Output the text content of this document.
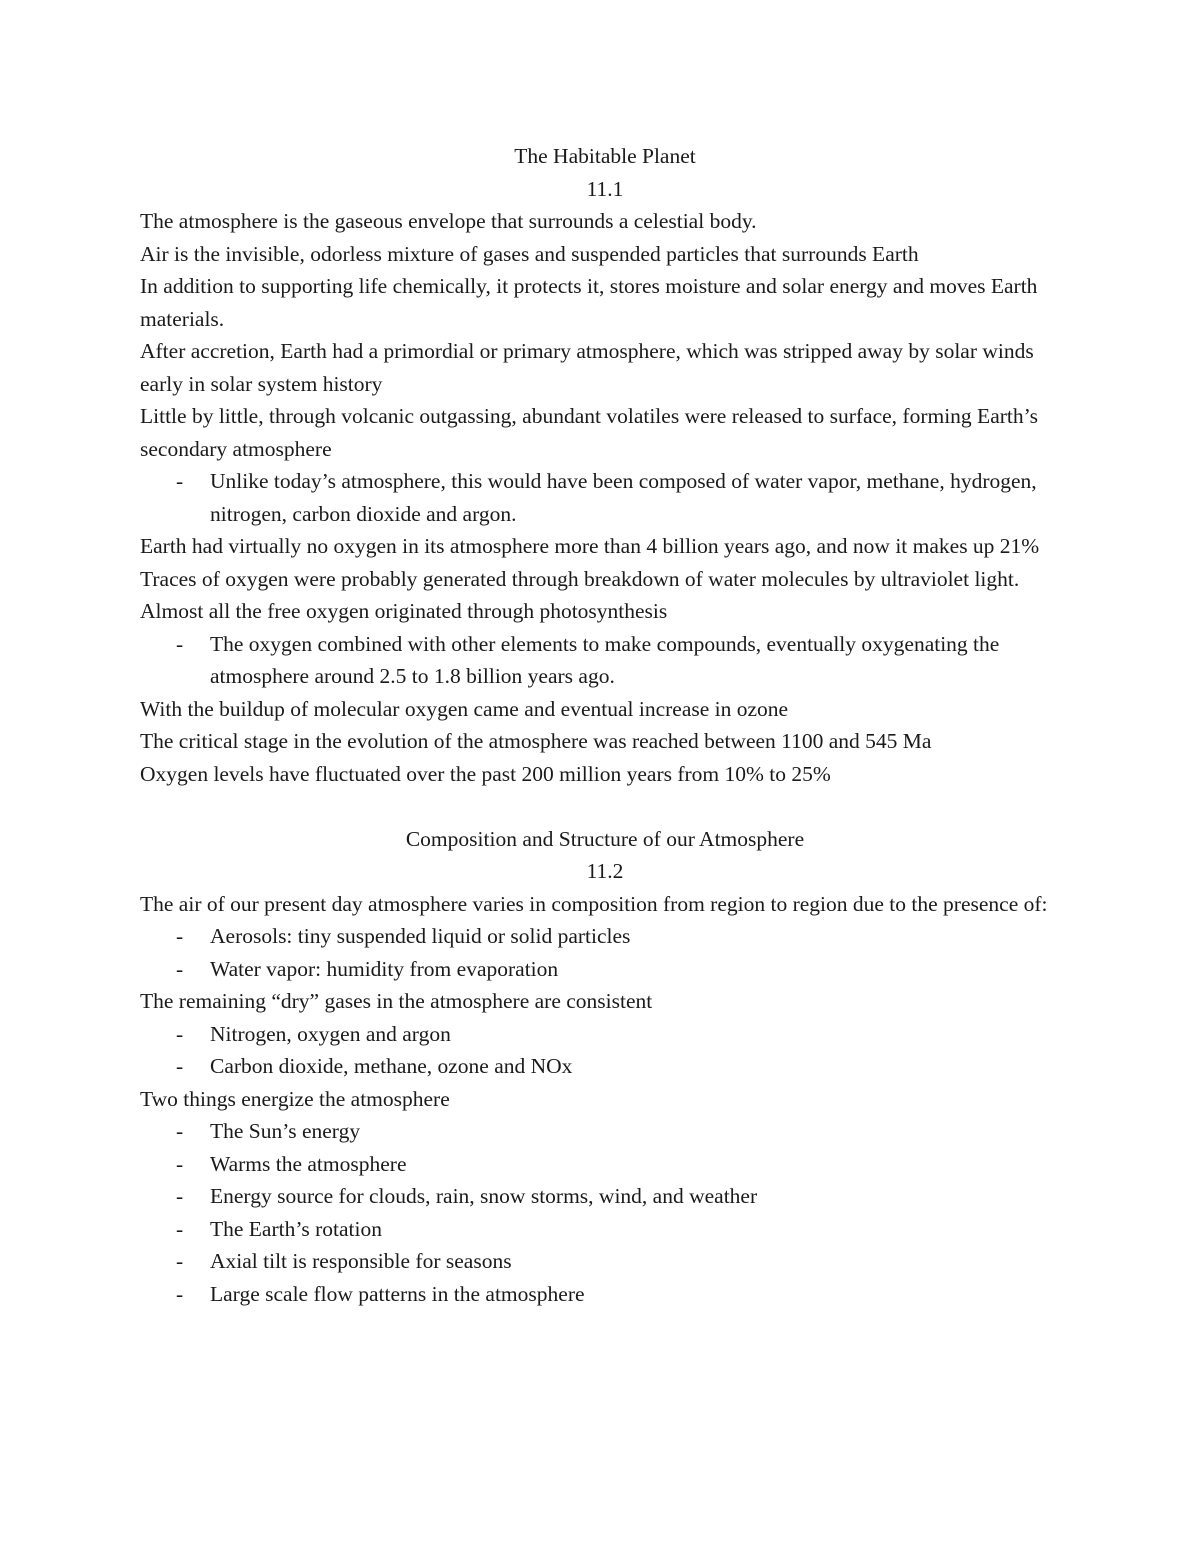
The Habitable Planet

11.1

The atmosphere is the gaseous envelope that surrounds a celestial body.

Air is the invisible, odorless mixture of gases and suspended particles that surrounds Earth

In addition to supporting life chemically, it protects it, stores moisture and solar energy and moves Earth materials.

After accretion, Earth had a primordial or primary atmosphere, which was stripped away by solar winds early in solar system history

Little by little, through volcanic outgassing, abundant volatiles were released to surface, forming Earth’s secondary atmosphere

- Unlike today’s atmosphere, this would have been composed of water vapor, methane, hydrogen, nitrogen, carbon dioxide and argon.

Earth had virtually no oxygen in its atmosphere more than 4 billion years ago, and now it makes up 21%

Traces of oxygen were probably generated through breakdown of water molecules by ultraviolet light.

Almost all the free oxygen originated through photosynthesis

- The oxygen combined with other elements to make compounds, eventually oxygenating the atmosphere around 2.5 to 1.8 billion years ago.

With the buildup of molecular oxygen came and eventual increase in ozone

The critical stage in the evolution of the atmosphere was reached between 1100 and 545 Ma

Oxygen levels have fluctuated over the past 200 million years from 10% to 25%

Composition and Structure of our Atmosphere

11.2

The air of our present day atmosphere varies in composition from region to region due to the presence of:

- Aerosols: tiny suspended liquid or solid particles
- Water vapor: humidity from evaporation

The remaining “dry” gases in the atmosphere are consistent

- Nitrogen, oxygen and argon
- Carbon dioxide, methane, ozone and NOx

Two things energize the atmosphere

- The Sun’s energy
- Warms the atmosphere
- Energy source for clouds, rain, snow storms, wind, and weather
- The Earth’s rotation
- Axial tilt is responsible for seasons
- Large scale flow patterns in the atmosphere
